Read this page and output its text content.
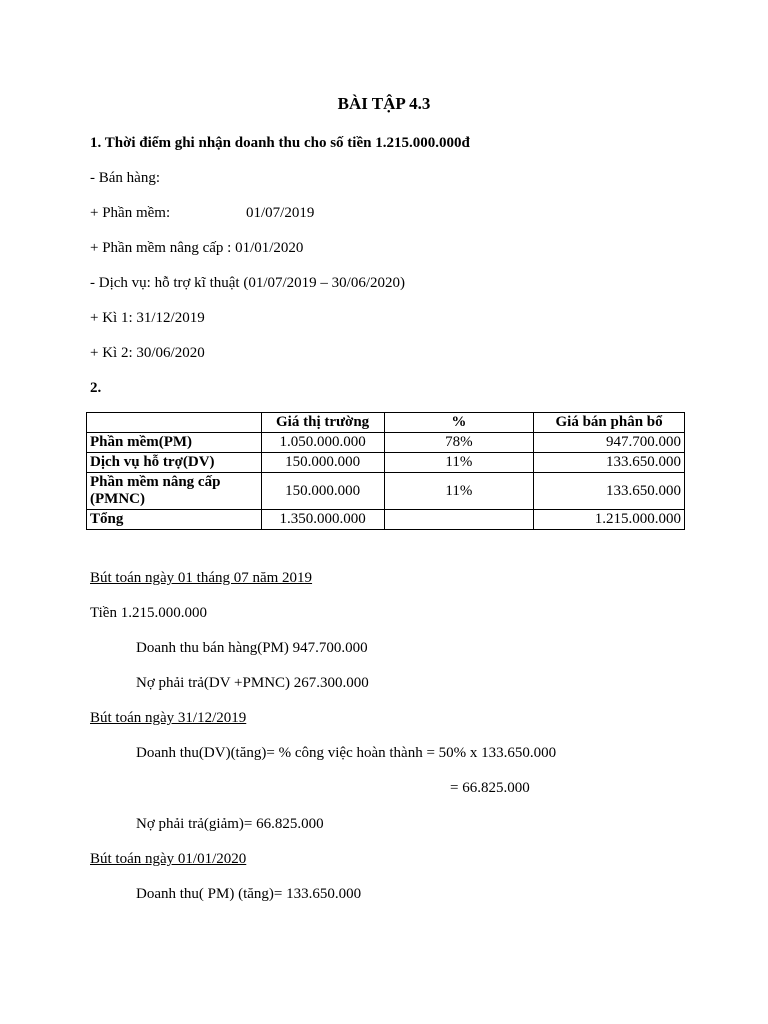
BÀI TẬP 4.3
1. Thời điểm ghi nhận doanh thu cho số tiền 1.215.000.000đ
- Bán hàng:
+ Phần mềm:	01/07/2019
+ Phần mềm nâng cấp : 01/01/2020
- Dịch vụ: hỗ trợ kĩ thuật (01/07/2019 – 30/06/2020)
+ Kì 1: 31/12/2019
+ Kì 2: 30/06/2020
2.
	Giá thị trường	%	Giá bán phân bổ
Phần mềm(PM)	1.050.000.000	78%	947.700.000
Dịch vụ hỗ trợ(DV)	150.000.000	11%	133.650.000
Phần mềm nâng cấp (PMNC)	150.000.000	11%	133.650.000
Tổng	1.350.000.000		1.215.000.000
Bút toán ngày 01 tháng 07 năm 2019
Tiền 1.215.000.000
Doanh thu bán hàng(PM) 947.700.000
Nợ phải trả(DV +PMNC) 267.300.000
Bút toán ngày 31/12/2019
Doanh thu(DV)(tăng)= % công việc hoàn thành = 50% x 133.650.000
= 66.825.000
Nợ phải trả(giảm)= 66.825.000
Bút toán ngày 01/01/2020
Doanh thu( PM) (tăng)= 133.650.000
